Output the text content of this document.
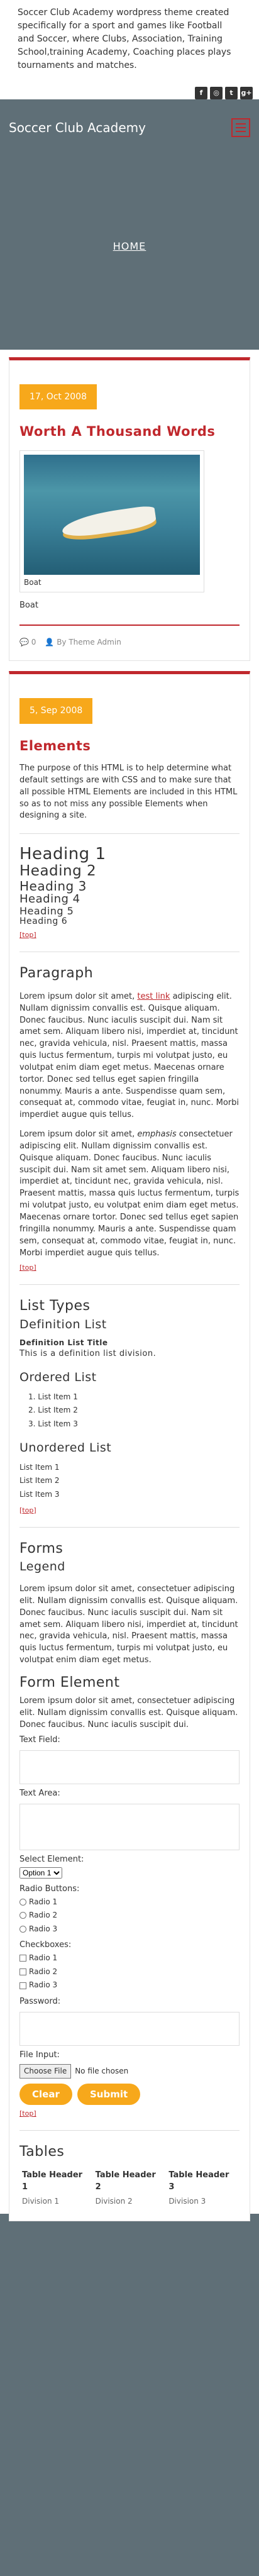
Soccer Club Academy wordpress theme created specifically for a sport and games like Football and Soccer, where Clubs, Association, Training School,training Academy, Coaching places plays tournaments and matches.
f	◎	t	g+
Soccer Club Academy
HOME
17, Oct 2008
Worth A Thousand Words
Boat

Boat

💬 0 👤 By Theme Admin
5, Sep 2008
Elements

The purpose of this HTML is to help determine what default settings are with CSS and to make sure that all possible HTML Elements are included in this HTML so as to not miss any possible Elements when designing a site.

Heading 1
Heading 2
Heading 3
Heading 4
Heading 5
Heading 6
[top]
Paragraph

Lorem ipsum dolor sit amet, test link adipiscing elit. Nullam dignissim convallis est. Quisque aliquam. Donec faucibus. Nunc iaculis suscipit dui. Nam sit amet sem. Aliquam libero nisi, imperdiet at, tincidunt nec, gravida vehicula, nisl. Praesent mattis, massa quis luctus fermentum, turpis mi volutpat justo, eu volutpat enim diam eget metus. Maecenas ornare tortor. Donec sed tellus eget sapien fringilla nonummy. Mauris a ante. Suspendisse quam sem, consequat at, commodo vitae, feugiat in, nunc. Morbi imperdiet augue quis tellus.

Lorem ipsum dolor sit amet, emphasis consectetuer adipiscing elit. Nullam dignissim convallis est. Quisque aliquam. Donec faucibus. Nunc iaculis suscipit dui. Nam sit amet sem. Aliquam libero nisi, imperdiet at, tincidunt nec, gravida vehicula, nisl. Praesent mattis, massa quis luctus fermentum, turpis mi volutpat justo, eu volutpat enim diam eget metus. Maecenas ornare tortor. Donec sed tellus eget sapien fringilla nonummy. Mauris a ante. Suspendisse quam sem, consequat at, commodo vitae, feugiat in, nunc. Morbi imperdiet augue quis tellus.

[top]
List Types
Definition List
Definition List Title
This is a definition list division.
Ordered List
1. List Item 1
2. List Item 2
3. List Item 3
Unordered List
List Item 1
List Item 2
List Item 3
[top]
Forms
Legend

Lorem ipsum dolor sit amet, consectetuer adipiscing elit. Nullam dignissim convallis est. Quisque aliquam. Donec faucibus. Nunc iaculis suscipit dui. Nam sit amet sem. Aliquam libero nisi, imperdiet at, tincidunt nec, gravida vehicula, nisl. Praesent mattis, massa quis luctus fermentum, turpis mi volutpat justo, eu volutpat enim diam eget metus.

Form Element

Lorem ipsum dolor sit amet, consectetuer adipiscing elit. Nullam dignissim convallis est. Quisque aliquam. Donec faucibus. Nunc iaculis suscipit dui.

Text Field:
Text Area:
Select Element:
Option 1
Radio Buttons:
Radio 1
Radio 2
Radio 3
Checkboxes:
Radio 1
Radio 2
Radio 3
Password:
File Input:
Choose File	No file chosen
Clear	Submit
[top]
Tables
Table Header 1	Table Header 2	Table Header 3
Division 1	Division 2	Division 3
